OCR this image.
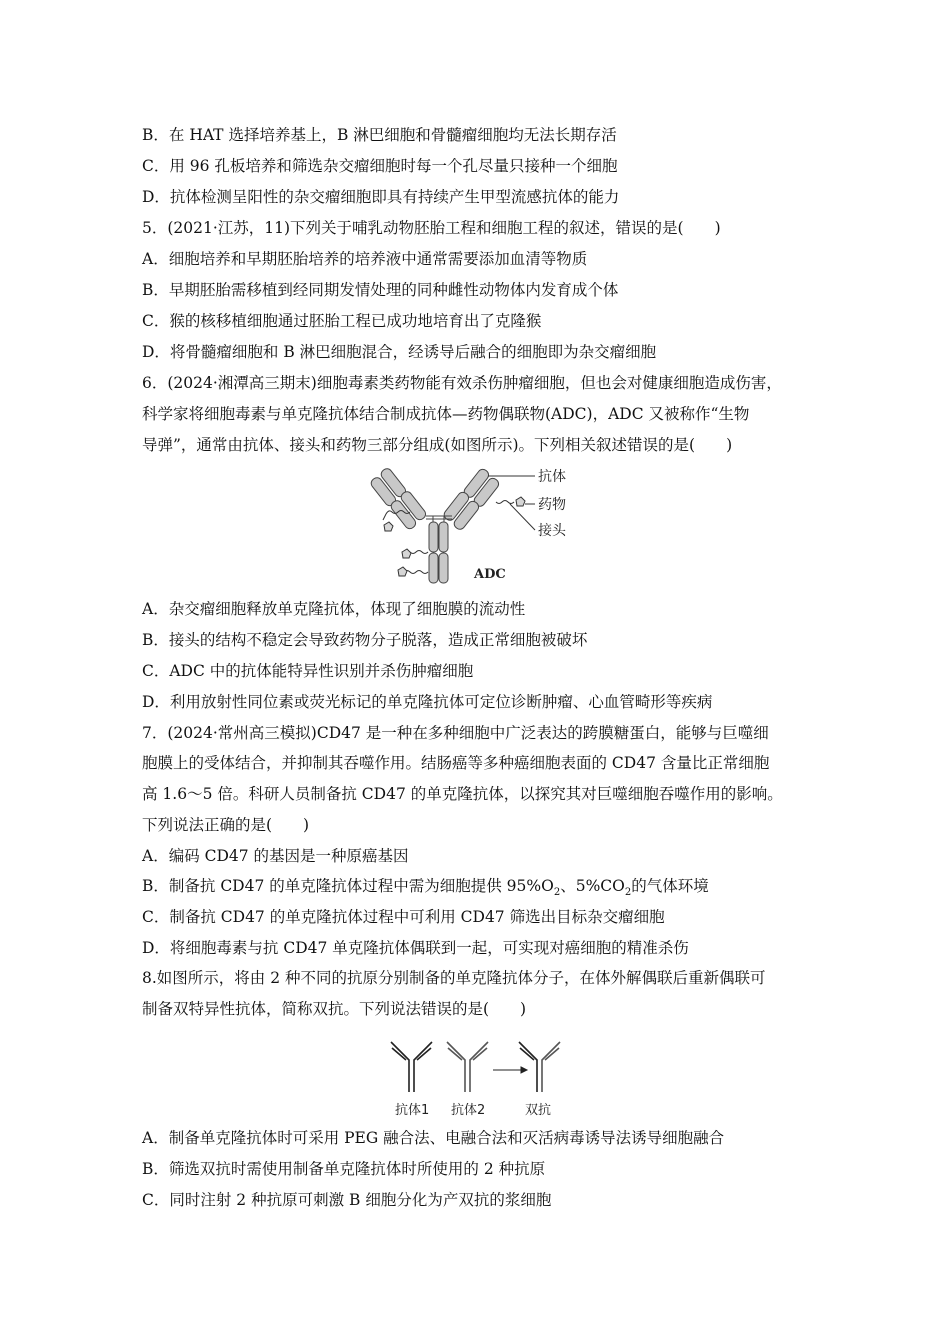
B．在 HAT 选择培养基上，B 淋巴细胞和骨髓瘤细胞均无法长期存活
C．用 96 孔板培养和筛选杂交瘤细胞时每一个孔尽量只接种一个细胞
D．抗体检测呈阳性的杂交瘤细胞即具有持续产生甲型流感抗体的能力
5．(2021·江苏，11)下列关于哺乳动物胚胎工程和细胞工程的叙述，错误的是(　　)
A．细胞培养和早期胚胎培养的培养液中通常需要添加血清等物质
B．早期胚胎需移植到经同期发情处理的同种雌性动物体内发育成个体
C．猴的核移植细胞通过胚胎工程已成功地培育出了克隆猴
D．将骨髓瘤细胞和 B 淋巴细胞混合，经诱导后融合的细胞即为杂交瘤细胞
6．(2024·湘潭高三期末)细胞毒素类药物能有效杀伤肿瘤细胞，但也会对健康细胞造成伤害，
科学家将细胞毒素与单克隆抗体结合制成抗体—药物偶联物(ADC)，ADC 又被称作“生物
导弹”，通常由抗体、接头和药物三部分组成(如图所示)。下列相关叙述错误的是(　　)
抗体
药物
接头
ADC
A．杂交瘤细胞释放单克隆抗体，体现了细胞膜的流动性
B．接头的结构不稳定会导致药物分子脱落，造成正常细胞被破坏
C．ADC 中的抗体能特异性识别并杀伤肿瘤细胞
D．利用放射性同位素或荧光标记的单克隆抗体可定位诊断肿瘤、心血管畸形等疾病
7．(2024·常州高三模拟)CD47 是一种在多种细胞中广泛表达的跨膜糖蛋白，能够与巨噬细
胞膜上的受体结合，并抑制其吞噬作用。结肠癌等多种癌细胞表面的 CD47 含量比正常细胞
高 1.6～5 倍。科研人员制备抗 CD47 的单克隆抗体，以探究其对巨噬细胞吞噬作用的影响。
下列说法正确的是(　　)
A．编码 CD47 的基因是一种原癌基因
B．制备抗 CD47 的单克隆抗体过程中需为细胞提供 $95\%O_2$、$5\%CO_2$的气体环境
C．制备抗 CD47 的单克隆抗体过程中可利用 CD47 筛选出目标杂交瘤细胞
D．将细胞毒素与抗 CD47 单克隆抗体偶联到一起，可实现对癌细胞的精准杀伤
8.如图所示，将由 2 种不同的抗原分别制备的单克隆抗体分子，在体外解偶联后重新偶联可
制备双特异性抗体，简称双抗。下列说法错误的是(　　)
抗体1 抗体2	双抗
A．制备单克隆抗体时可采用 PEG 融合法、电融合法和灭活病毒诱导法诱导细胞融合
B．筛选双抗时需使用制备单克隆抗体时所使用的 2 种抗原
C．同时注射 2 种抗原可刺激 B 细胞分化为产双抗的浆细胞
